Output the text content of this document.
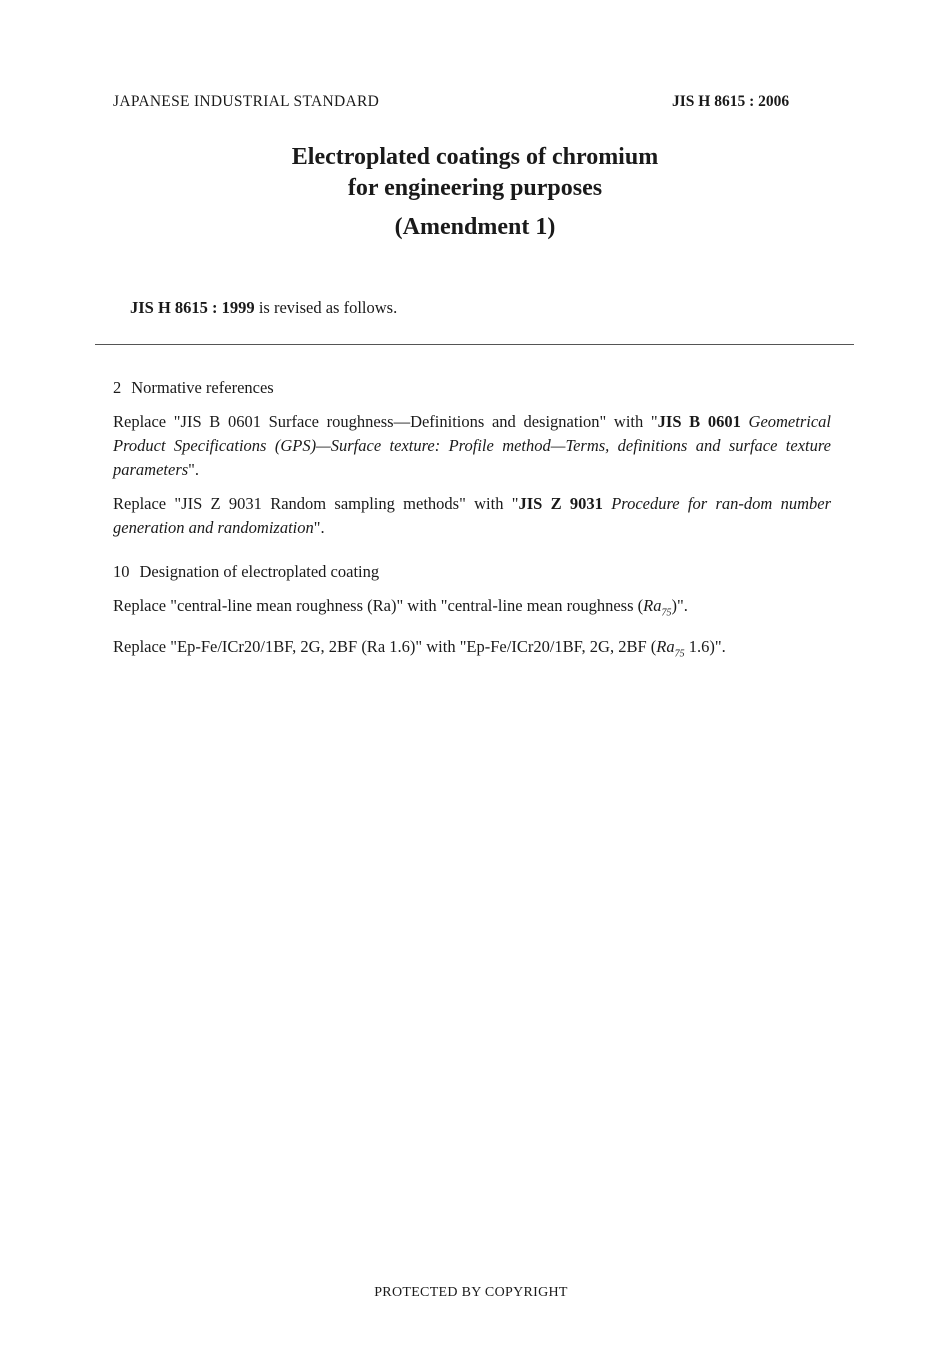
JAPANESE INDUSTRIAL STANDARD	JIS H 8615 : 2006
Electroplated coatings of chromium
for engineering purposes
(Amendment 1)
JIS H 8615 : 1999 is revised as follows.
2 Normative references

Replace "JIS B 0601 Surface roughness—Definitions and designation" with "JIS B 0601 Geometrical Product Specifications (GPS)—Surface texture: Profile method—Terms, definitions and surface texture parameters".

Replace "JIS Z 9031 Random sampling methods" with "JIS Z 9031 Procedure for ran-dom number generation and randomization".

10 Designation of electroplated coating

Replace "central-line mean roughness (Ra)" with "central-line mean roughness $(Ra_{75})$".

Replace "Ep-Fe/ICr20/1BF, 2G, 2BF (Ra 1.6)" with "Ep-Fe/ICr20/1BF, 2G, 2BF ($Ra_{75}$ 1.6)".

PROTECTED BY COPYRIGHT
